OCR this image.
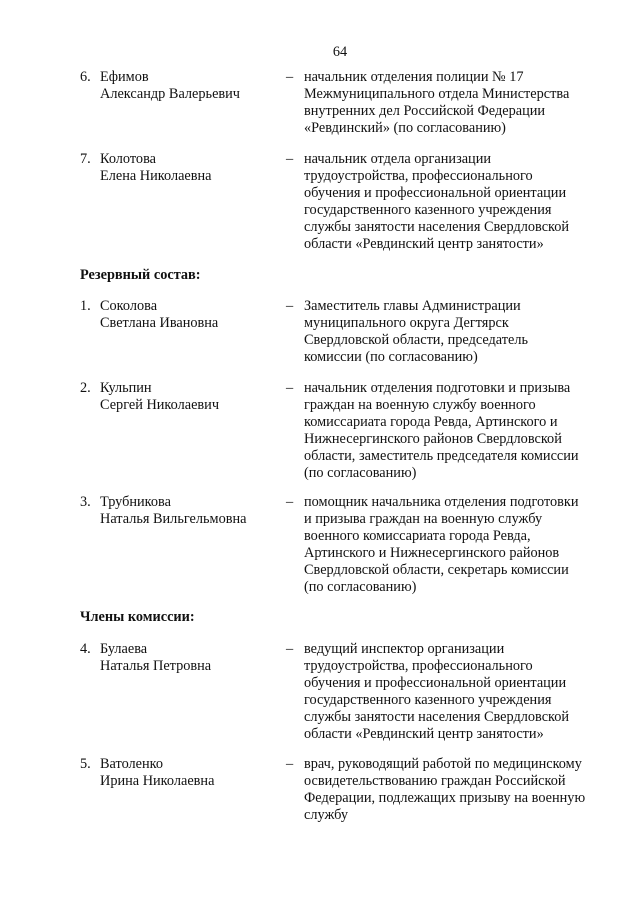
64
6. Ефимов
Александр Валерьевич
– начальник отделения полиции № 17
Межмуниципального отдела Министерства
внутренних дел Российской Федерации
«Ревдинский» (по согласованию)
7. Колотова
Елена Николаевна
– начальник отдела организации
трудоустройства, профессионального
обучения и профессиональной ориентации
государственного казенного учреждения
службы занятости населения Свердловской
области «Ревдинский центр занятости»
Резервный состав:
1. Соколова
Светлана Ивановна
– Заместитель главы Администрации
муниципального округа Дегтярск
Свердловской области, председатель
комиссии (по согласованию)
2. Кульпин
Сергей Николаевич
– начальник отделения подготовки и призыва
граждан на военную службу военного
комиссариата города Ревда, Артинского и
Нижнесергинского районов Свердловской
области, заместитель председателя комиссии
(по согласованию)
3. Трубникова
Наталья Вильгельмовна
– помощник начальника отделения подготовки
и призыва граждан на военную службу
военного комиссариата города Ревда,
Артинского и Нижнесергинского районов
Свердловской области, секретарь комиссии
(по согласованию)
Члены комиссии:
4. Булаева
Наталья Петровна
– ведущий инспектор организации
трудоустройства, профессионального
обучения и профессиональной ориентации
государственного казенного учреждения
службы занятости населения Свердловской
области «Ревдинский центр занятости»
5. Ватоленко
Ирина Николаевна
– врач, руководящий работой по медицинскому
освидетельствованию граждан Российской
Федерации, подлежащих призыву на военную
службу
